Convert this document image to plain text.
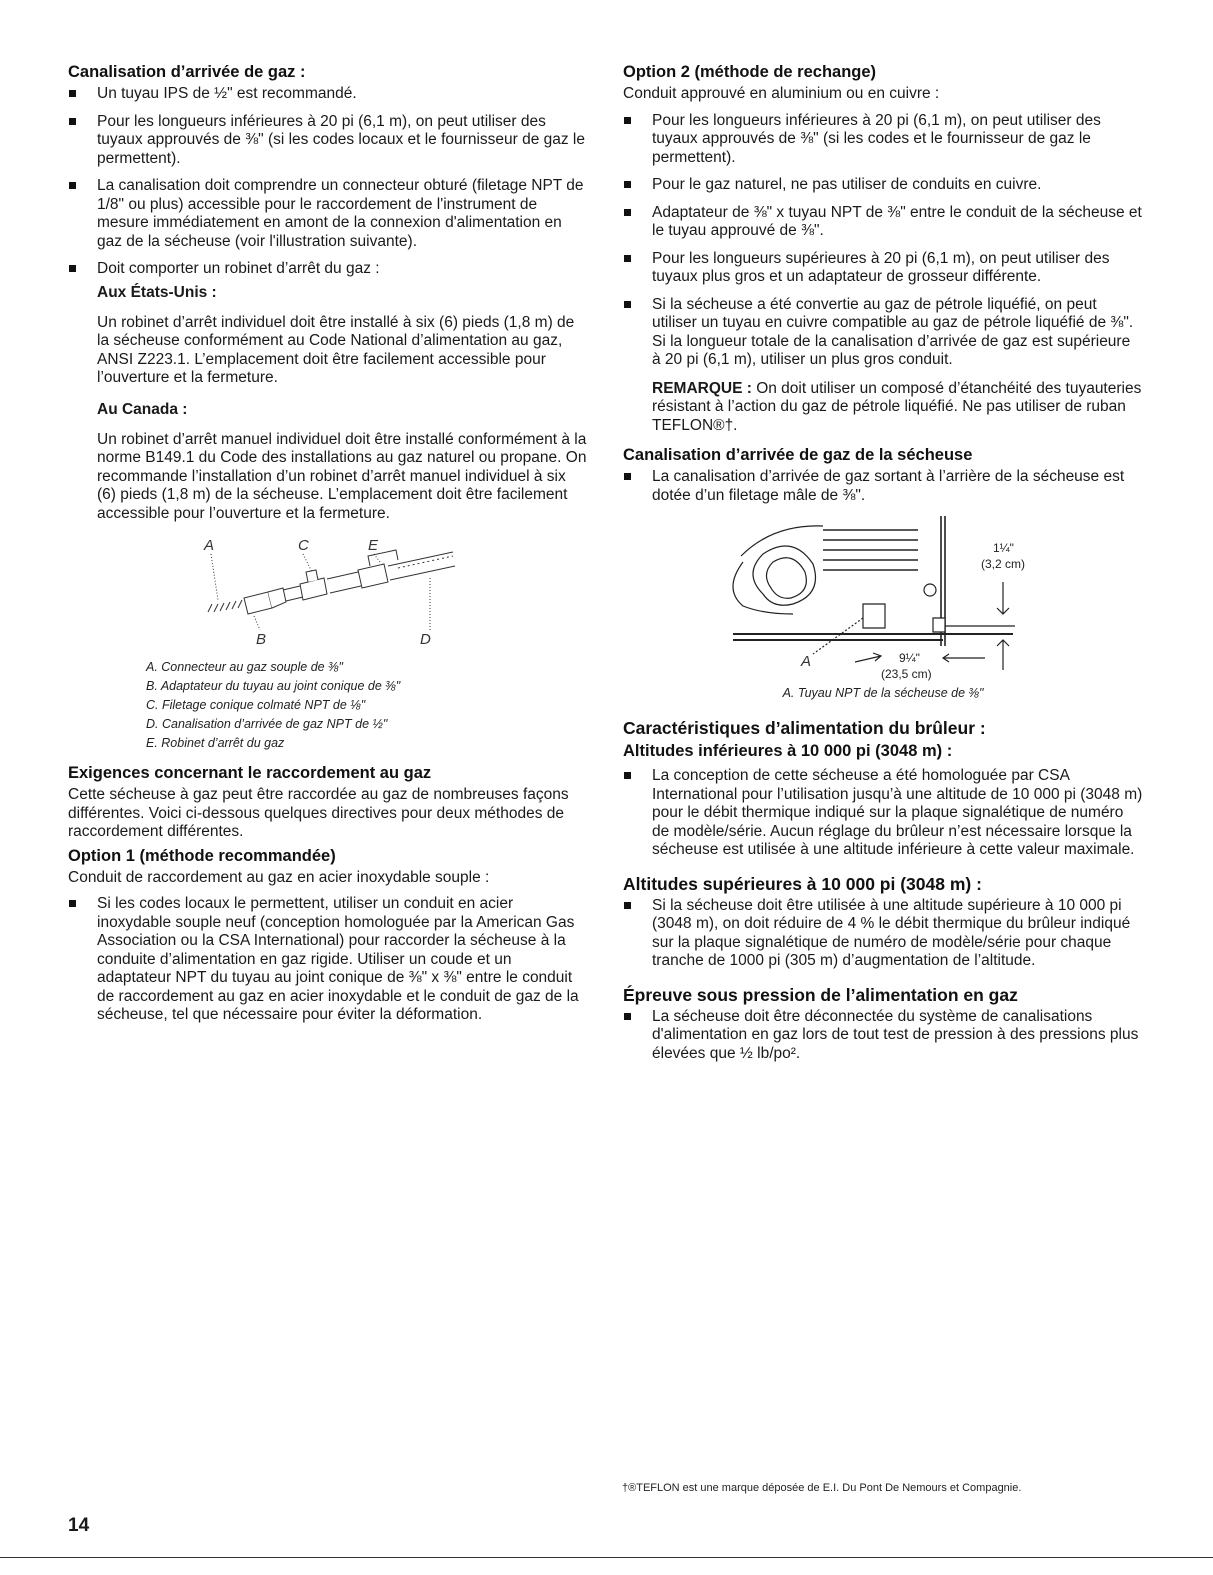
Canalisation d’arrivée de gaz :
Un tuyau IPS de ½" est recommandé.
Pour les longueurs inférieures à 20 pi (6,1 m), on peut utiliser des tuyaux approuvés de ⅜" (si les codes locaux et le fournisseur de gaz le permettent).
La canalisation doit comprendre un connecteur obturé (filetage NPT de 1/8" ou plus) accessible pour le raccordement de l'instrument de mesure immédiatement en amont de la connexion d'alimentation en gaz de la sécheuse (voir l'illustration suivante).
Doit comporter un robinet d’arrêt du gaz :
Aux États-Unis :
Un robinet d’arrêt individuel doit être installé à six (6) pieds (1,8 m) de la sécheuse conformément au Code National d’alimentation au gaz, ANSI Z223.1. L’emplacement doit être facilement accessible pour l’ouverture et la fermeture.
Au Canada :
Un robinet d’arrêt manuel individuel doit être installé conformément à la norme B149.1 du Code des installations au gaz naturel ou propane. On recommande l’installation d’un robinet d’arrêt manuel individuel à six (6) pieds (1,8 m) de la sécheuse. L’emplacement doit être facilement accessible pour l’ouverture et la fermeture.
A	C	E
B	D
A. Connecteur au gaz souple de ⅜"
B. Adaptateur du tuyau au joint conique de ⅜"
C. Filetage conique colmaté NPT de ⅛"
D. Canalisation d’arrivée de gaz NPT de ½"
E. Robinet d’arrêt du gaz
Exigences concernant le raccordement au gaz
Cette sécheuse à gaz peut être raccordée au gaz de nombreuses façons différentes. Voici ci-dessous quelques directives pour deux méthodes de raccordement différentes.
Option 1 (méthode recommandée)
Conduit de raccordement au gaz en acier inoxydable souple :
Si les codes locaux le permettent, utiliser un conduit en acier inoxydable souple neuf (conception homologuée par la American Gas Association ou la CSA International) pour raccorder la sécheuse à la conduite d’alimentation en gaz rigide. Utiliser un coude et un adaptateur NPT du tuyau au joint conique de ⅜" x ⅜" entre le conduit de raccordement au gaz en acier inoxydable et le conduit de gaz de la sécheuse, tel que nécessaire pour éviter la déformation.
Option 2 (méthode de rechange)
Conduit approuvé en aluminium ou en cuivre :
Pour les longueurs inférieures à 20 pi (6,1 m), on peut utiliser des tuyaux approuvés de ⅜" (si les codes et le fournisseur de gaz le permettent).
Pour le gaz naturel, ne pas utiliser de conduits en cuivre.
Adaptateur de ⅜" x tuyau NPT de ⅜" entre le conduit de la sécheuse et le tuyau approuvé de ⅜".
Pour les longueurs supérieures à 20 pi (6,1 m), on peut utiliser des tuyaux plus gros et un adaptateur de grosseur différente.
Si la sécheuse a été convertie au gaz de pétrole liquéfié, on peut utiliser un tuyau en cuivre compatible au gaz de pétrole liquéfié de ⅜". Si la longueur totale de la canalisation d’arrivée de gaz est supérieure à 20 pi (6,1 m), utiliser un plus gros conduit.
REMARQUE : On doit utiliser un composé d’étanchéité des tuyauteries résistant à l’action du gaz de pétrole liquéfié. Ne pas utiliser de ruban TEFLON®†.
Canalisation d’arrivée de gaz de la sécheuse
La canalisation d’arrivée de gaz sortant à l’arrière de la sécheuse est dotée d’un filetage mâle de ⅜".
A
1¼"
(3,2 cm)
9¼"
(23,5 cm)
A. Tuyau NPT de la sécheuse de ⅜"
Caractéristiques d’alimentation du brûleur :
Altitudes inférieures à 10 000 pi (3048 m) :
La conception de cette sécheuse a été homologuée par CSA International pour l’utilisation jusqu’à une altitude de 10 000 pi (3048 m) pour le débit thermique indiqué sur la plaque signalétique de numéro de modèle/série. Aucun réglage du brûleur n’est nécessaire lorsque la sécheuse est utilisée à une altitude inférieure à cette valeur maximale.
Altitudes supérieures à 10 000 pi (3048 m) :
Si la sécheuse doit être utilisée à une altitude supérieure à 10 000 pi (3048 m), on doit réduire de 4 % le débit thermique du brûleur indiqué sur la plaque signalétique de numéro de modèle/série pour chaque tranche de 1000 pi (305 m) d’augmentation de l’altitude.
Épreuve sous pression de l’alimentation en gaz
La sécheuse doit être déconnectée du système de canalisations d'alimentation en gaz lors de tout test de pression à des pressions plus élevées que ½ lb/po².
†®TEFLON est une marque déposée de E.I. Du Pont De Nemours et Compagnie.
14
